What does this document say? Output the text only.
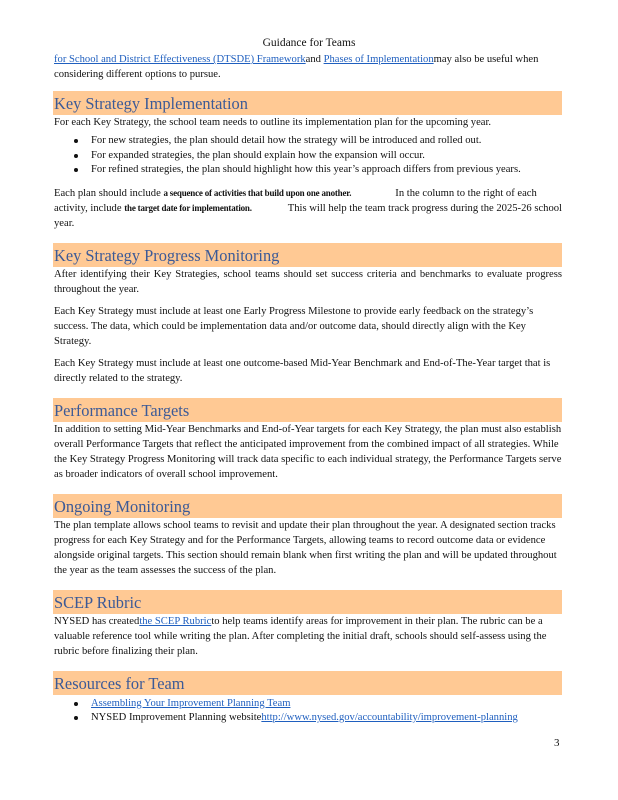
Guidance for Teams

for School and District Effectiveness (DTSDE) Frameworkand Phases of Implementationmay also be useful when considering different options to pursue.

Key Strategy Implementation

For each Key Strategy, the school team needs to outline its implementation plan for the upcoming year.

For new strategies, the plan should detail how the strategy will be introduced and rolled out.
For expanded strategies, the plan should explain how the expansion will occur.
For refined strategies, the plan should highlight how this year’s approach differs from previous years.

Each plan should include a sequence of activities that build upon one another.	In the column to the right of each activity, include the target date for implementation.	This will help the team track progress during the 2025-26 school year.

Key Strategy Progress Monitoring

After identifying their Key Strategies, school teams should set success criteria and benchmarks to evaluate progress throughout the year.

Each Key Strategy must include at least one Early Progress Milestone to provide early feedback on the strategy’s success. The data, which could be implementation data and/or outcome data, should directly align with the Key Strategy.

Each Key Strategy must include at least one outcome-based Mid-Year Benchmark and End-of-The-Year target that is directly related to the strategy.

Performance Targets

In addition to setting Mid-Year Benchmarks and End-of-Year targets for each Key Strategy, the plan must also establish overall Performance Targets that reflect the anticipated improvement from the combined impact of all strategies. While the Key Strategy Progress Monitoring will track data specific to each individual strategy, the Performance Targets serve as broader indicators of overall school improvement.

Ongoing Monitoring

The plan template allows school teams to revisit and update their plan throughout the year. A designated section tracks progress for each Key Strategy and for the Performance Targets, allowing teams to record outcome data or evidence alongside original targets. This section should remain blank when first writing the plan and will be updated throughout the year as the team assesses the success of the plan.

SCEP Rubric

NYSED has createdthe SCEP Rubricto help teams identify areas for improvement in their plan. The rubric can be a valuable reference tool while writing the plan. After completing the initial draft, schools should self-assess using the rubric before finalizing their plan.

Resources for Team
Assembling Your Improvement Planning Team
NYSED Improvement Planning websitehttp://www.nysed.gov/accountability/improvement-planning
3
